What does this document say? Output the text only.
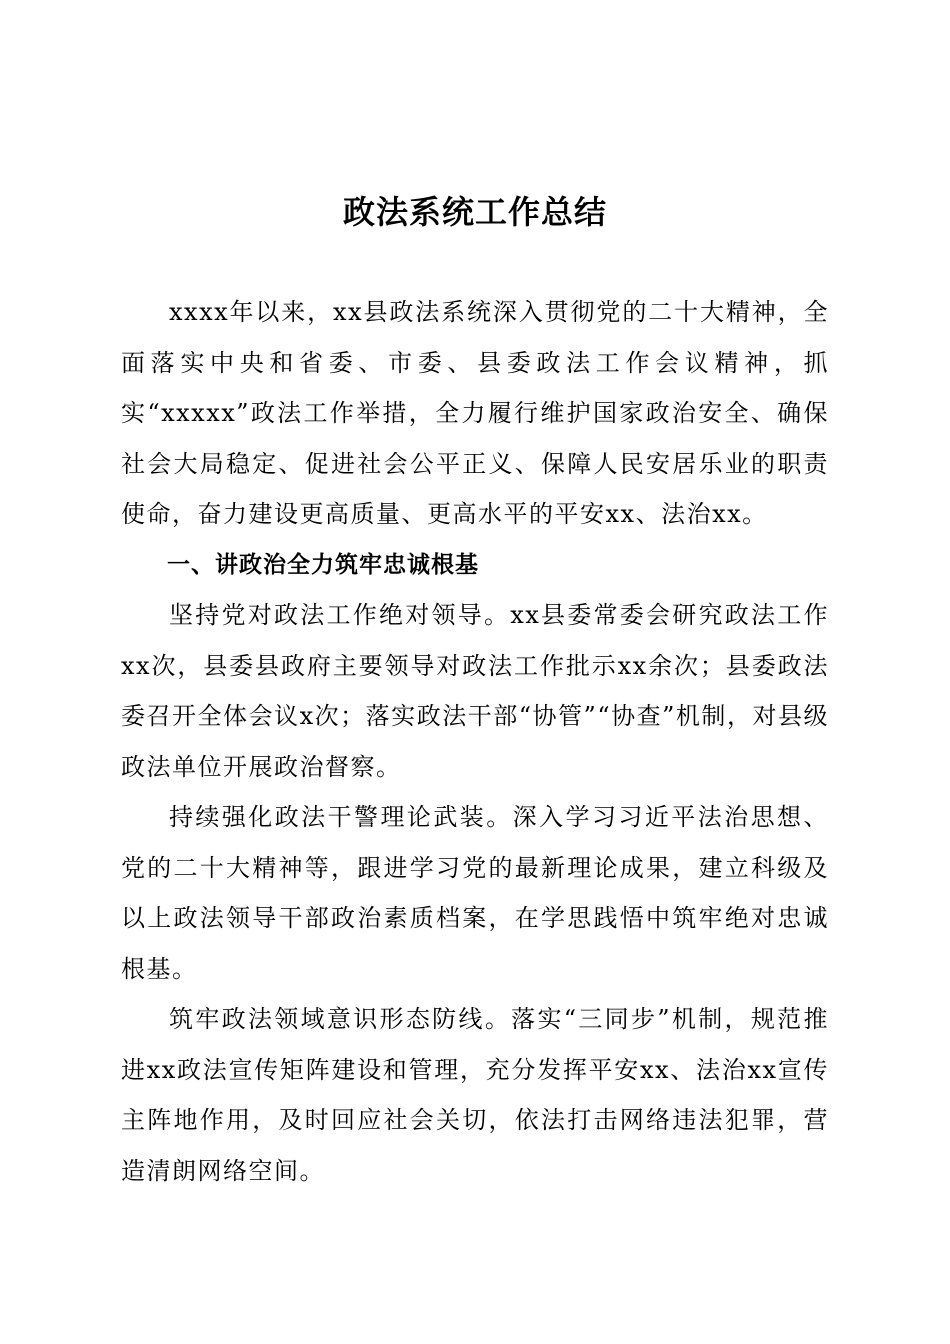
政法系统工作总结

xxxx年以来，xx县政法系统深入贯彻党的二十大精神，全面落实中央和省委、市委、县委政法工作会议精神，抓实“xxxxx”政法工作举措，全力履行维护国家政治安全、确保社会大局稳定、促进社会公平正义、保障人民安居乐业的职责使命，奋力建设更高质量、更高水平的平安xx、法治xx。

一、讲政治全力筑牢忠诚根基

坚持党对政法工作绝对领导。xx县委常委会研究政法工作xx次，县委县政府主要领导对政法工作批示xx余次；县委政法委召开全体会议x次；落实政法干部“协管”“协查”机制，对县级政法单位开展政治督察。

持续强化政法干警理论武装。深入学习习近平法治思想、党的二十大精神等，跟进学习党的最新理论成果，建立科级及以上政法领导干部政治素质档案，在学思践悟中筑牢绝对忠诚根基。

筑牢政法领域意识形态防线。落实“三同步”机制，规范推进xx政法宣传矩阵建设和管理，充分发挥平安xx、法治xx宣传主阵地作用，及时回应社会关切，依法打击网络违法犯罪，营造清朗网络空间。
